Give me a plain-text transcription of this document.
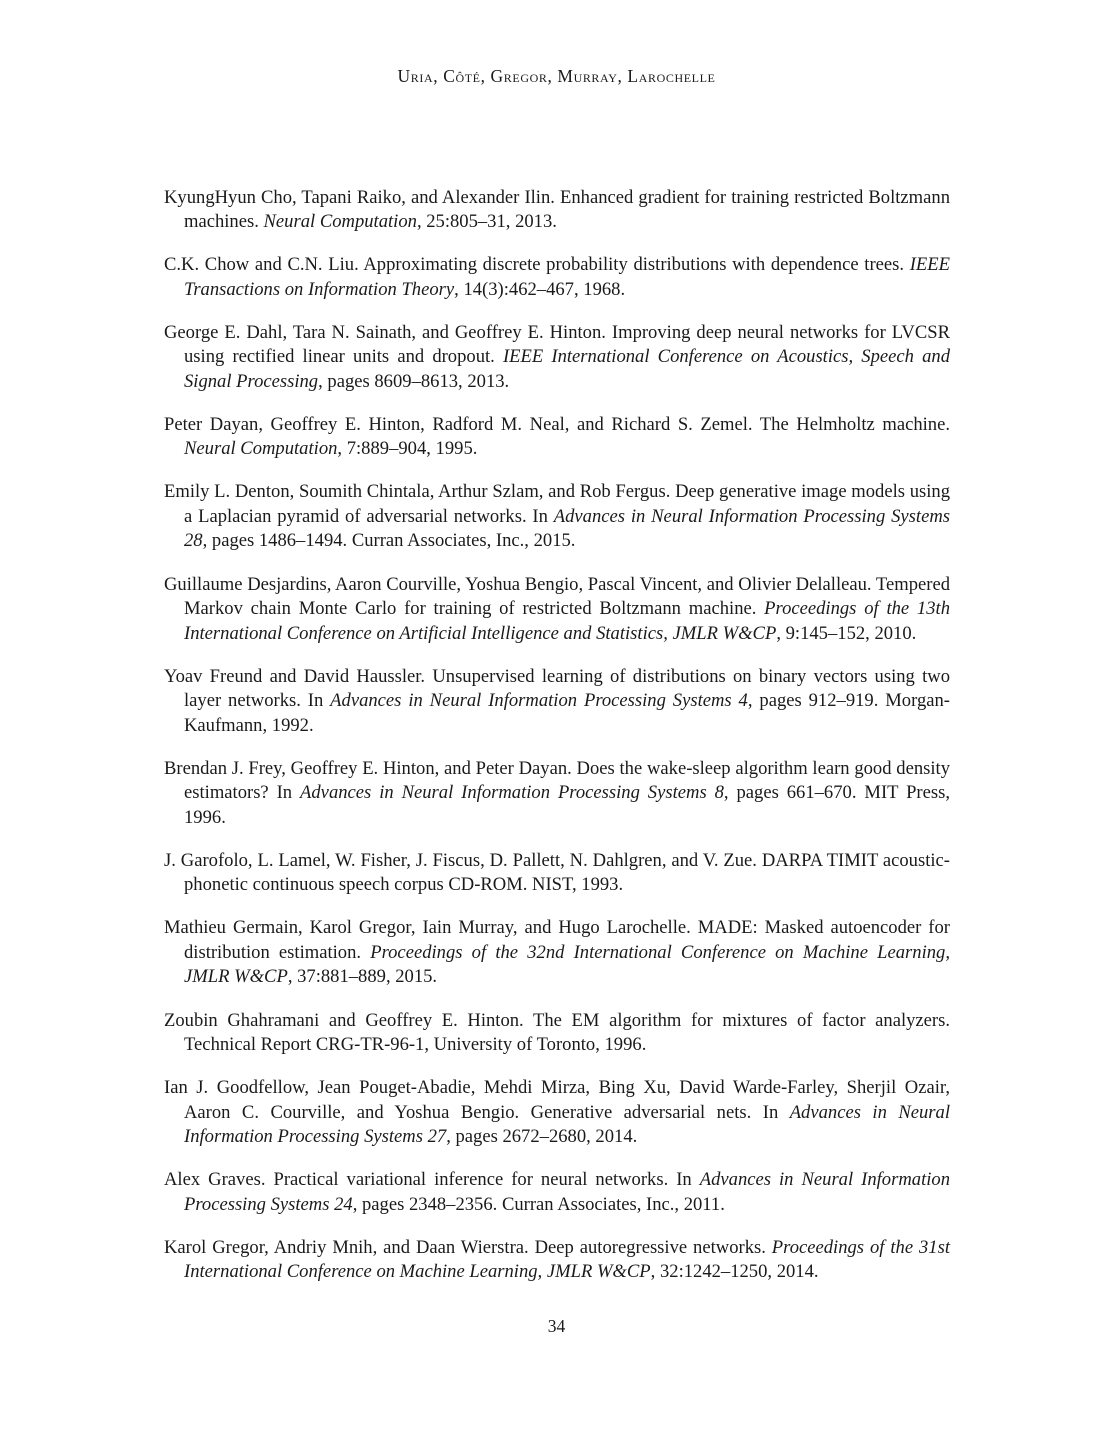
Uria, Côté, Gregor, Murray, Larochelle

KyungHyun Cho, Tapani Raiko, and Alexander Ilin. Enhanced gradient for training restricted Boltzmann machines. Neural Computation, 25:805–31, 2013.

C.K. Chow and C.N. Liu. Approximating discrete probability distributions with dependence trees. IEEE Transactions on Information Theory, 14(3):462–467, 1968.

George E. Dahl, Tara N. Sainath, and Geoffrey E. Hinton. Improving deep neural networks for LVCSR using rectified linear units and dropout. IEEE International Conference on Acoustics, Speech and Signal Processing, pages 8609–8613, 2013.

Peter Dayan, Geoffrey E. Hinton, Radford M. Neal, and Richard S. Zemel. The Helmholtz machine. Neural Computation, 7:889–904, 1995.

Emily L. Denton, Soumith Chintala, Arthur Szlam, and Rob Fergus. Deep generative image models using a Laplacian pyramid of adversarial networks. In Advances in Neural Information Processing Systems 28, pages 1486–1494. Curran Associates, Inc., 2015.

Guillaume Desjardins, Aaron Courville, Yoshua Bengio, Pascal Vincent, and Olivier Delalleau. Tempered Markov chain Monte Carlo for training of restricted Boltzmann machine. Proceedings of the 13th International Conference on Artificial Intelligence and Statistics, JMLR W&CP, 9:145–152, 2010.

Yoav Freund and David Haussler. Unsupervised learning of distributions on binary vectors using two layer networks. In Advances in Neural Information Processing Systems 4, pages 912–919. Morgan-Kaufmann, 1992.

Brendan J. Frey, Geoffrey E. Hinton, and Peter Dayan. Does the wake-sleep algorithm learn good density estimators? In Advances in Neural Information Processing Systems 8, pages 661–670. MIT Press, 1996.

J. Garofolo, L. Lamel, W. Fisher, J. Fiscus, D. Pallett, N. Dahlgren, and V. Zue. DARPA TIMIT acoustic-phonetic continuous speech corpus CD-ROM. NIST, 1993.

Mathieu Germain, Karol Gregor, Iain Murray, and Hugo Larochelle. MADE: Masked autoencoder for distribution estimation. Proceedings of the 32nd International Conference on Machine Learning, JMLR W&CP, 37:881–889, 2015.

Zoubin Ghahramani and Geoffrey E. Hinton. The EM algorithm for mixtures of factor analyzers. Technical Report CRG-TR-96-1, University of Toronto, 1996.

Ian J. Goodfellow, Jean Pouget-Abadie, Mehdi Mirza, Bing Xu, David Warde-Farley, Sherjil Ozair, Aaron C. Courville, and Yoshua Bengio. Generative adversarial nets. In Advances in Neural Information Processing Systems 27, pages 2672–2680, 2014.

Alex Graves. Practical variational inference for neural networks. In Advances in Neural Information Processing Systems 24, pages 2348–2356. Curran Associates, Inc., 2011.

Karol Gregor, Andriy Mnih, and Daan Wierstra. Deep autoregressive networks. Proceedings of the 31st International Conference on Machine Learning, JMLR W&CP, 32:1242–1250, 2014.

34
